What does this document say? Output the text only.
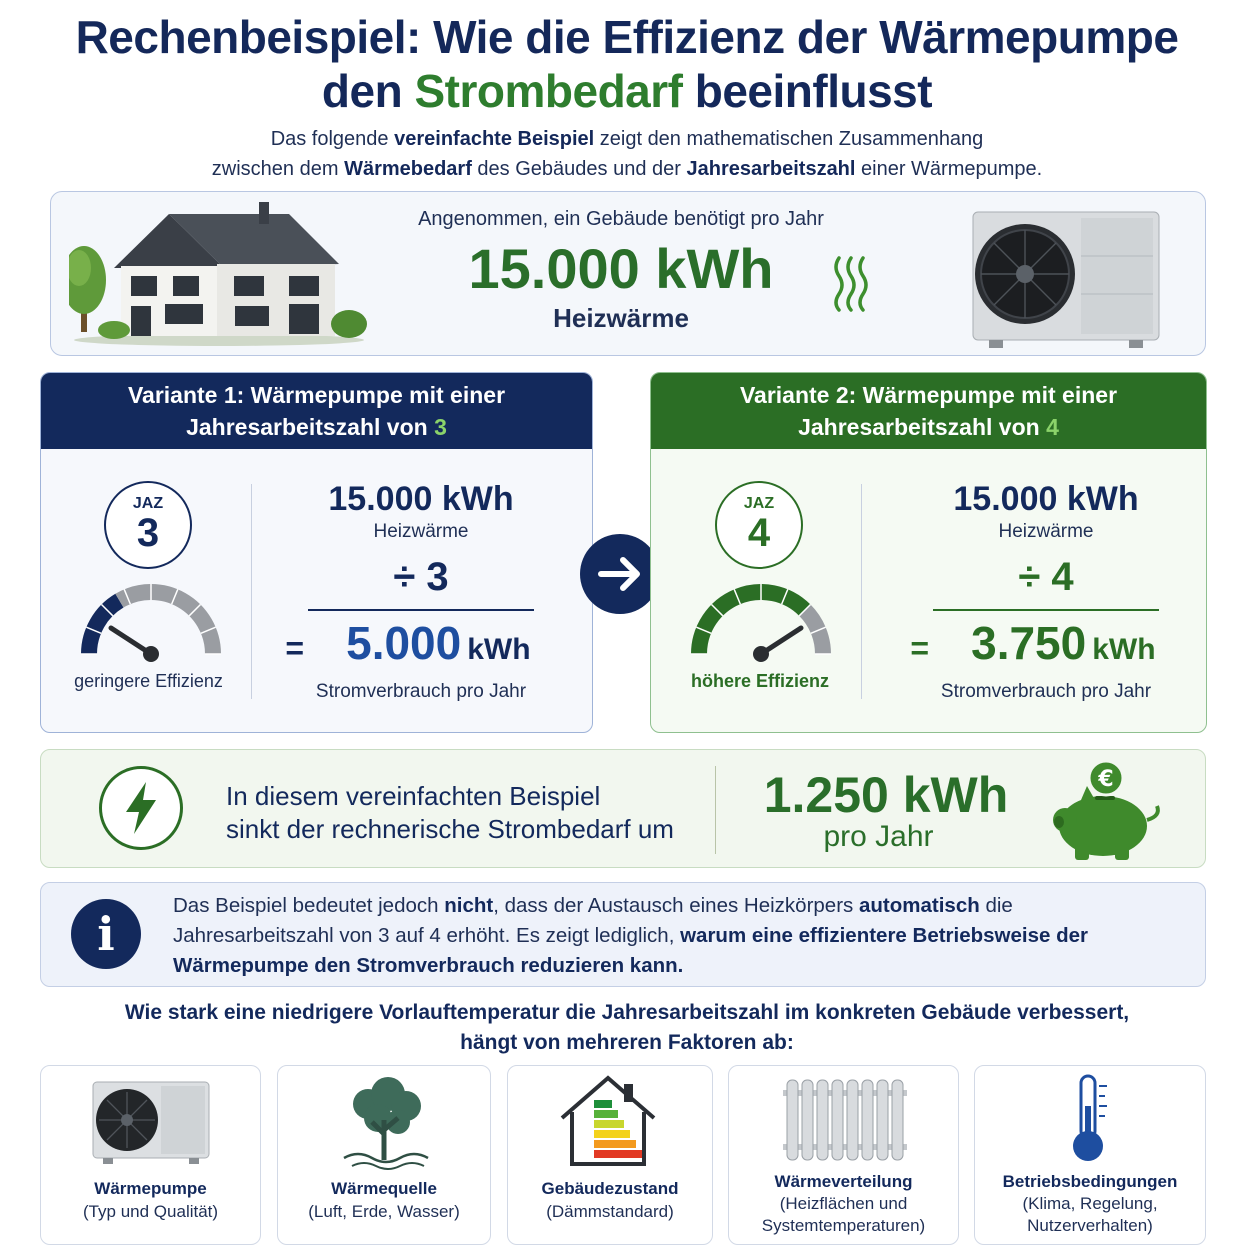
Rechenbeispiel: Wie die Effizienz der Wärmepumpe
den Strombedarf beeinflusst
Das folgende vereinfachte Beispiel zeigt den mathematischen Zusammenhang
zwischen dem Wärmebedarf des Gebäudes und der Jahresarbeitszahl einer Wärmepumpe.
Angenommen, ein Gebäude benötigt pro Jahr
15.000 kWh
Heizwärme
Variante 1: Wärmepumpe mit einer
Jahresarbeitszahl von 3
JAZ
3
geringere Effizienz
15.000 kWh
Heizwärme
÷ 3
= 5.000 kWh
Stromverbrauch pro Jahr
Variante 2: Wärmepumpe mit einer
Jahresarbeitszahl von 4
JAZ
4
höhere Effizienz
15.000 kWh
Heizwärme
÷ 4
= 3.750 kWh
Stromverbrauch pro Jahr
In diesem vereinfachten Beispiel
sinkt der rechnerische Strombedarf um
1.250 kWh
pro Jahr
€
i
Das Beispiel bedeutet jedoch nicht, dass der Austausch eines Heizkörpers automatisch die Jahresarbeitszahl von 3 auf 4 erhöht. Es zeigt lediglich, warum eine effizientere Betriebsweise der Wärmepumpe den Stromverbrauch reduzieren kann.
Wie stark eine niedrigere Vorlauftemperatur die Jahresarbeitszahl im konkreten Gebäude verbessert,
hängt von mehreren Faktoren ab:
Wärmepumpe
(Typ und Qualität)
Wärmequelle
(Luft, Erde, Wasser)
Gebäudezustand
(Dämmstandard)
Wärmeverteilung
(Heizflächen und
Systemtemperaturen)
Betriebsbedingungen
(Klima, Regelung,
Nutzerverhalten)
